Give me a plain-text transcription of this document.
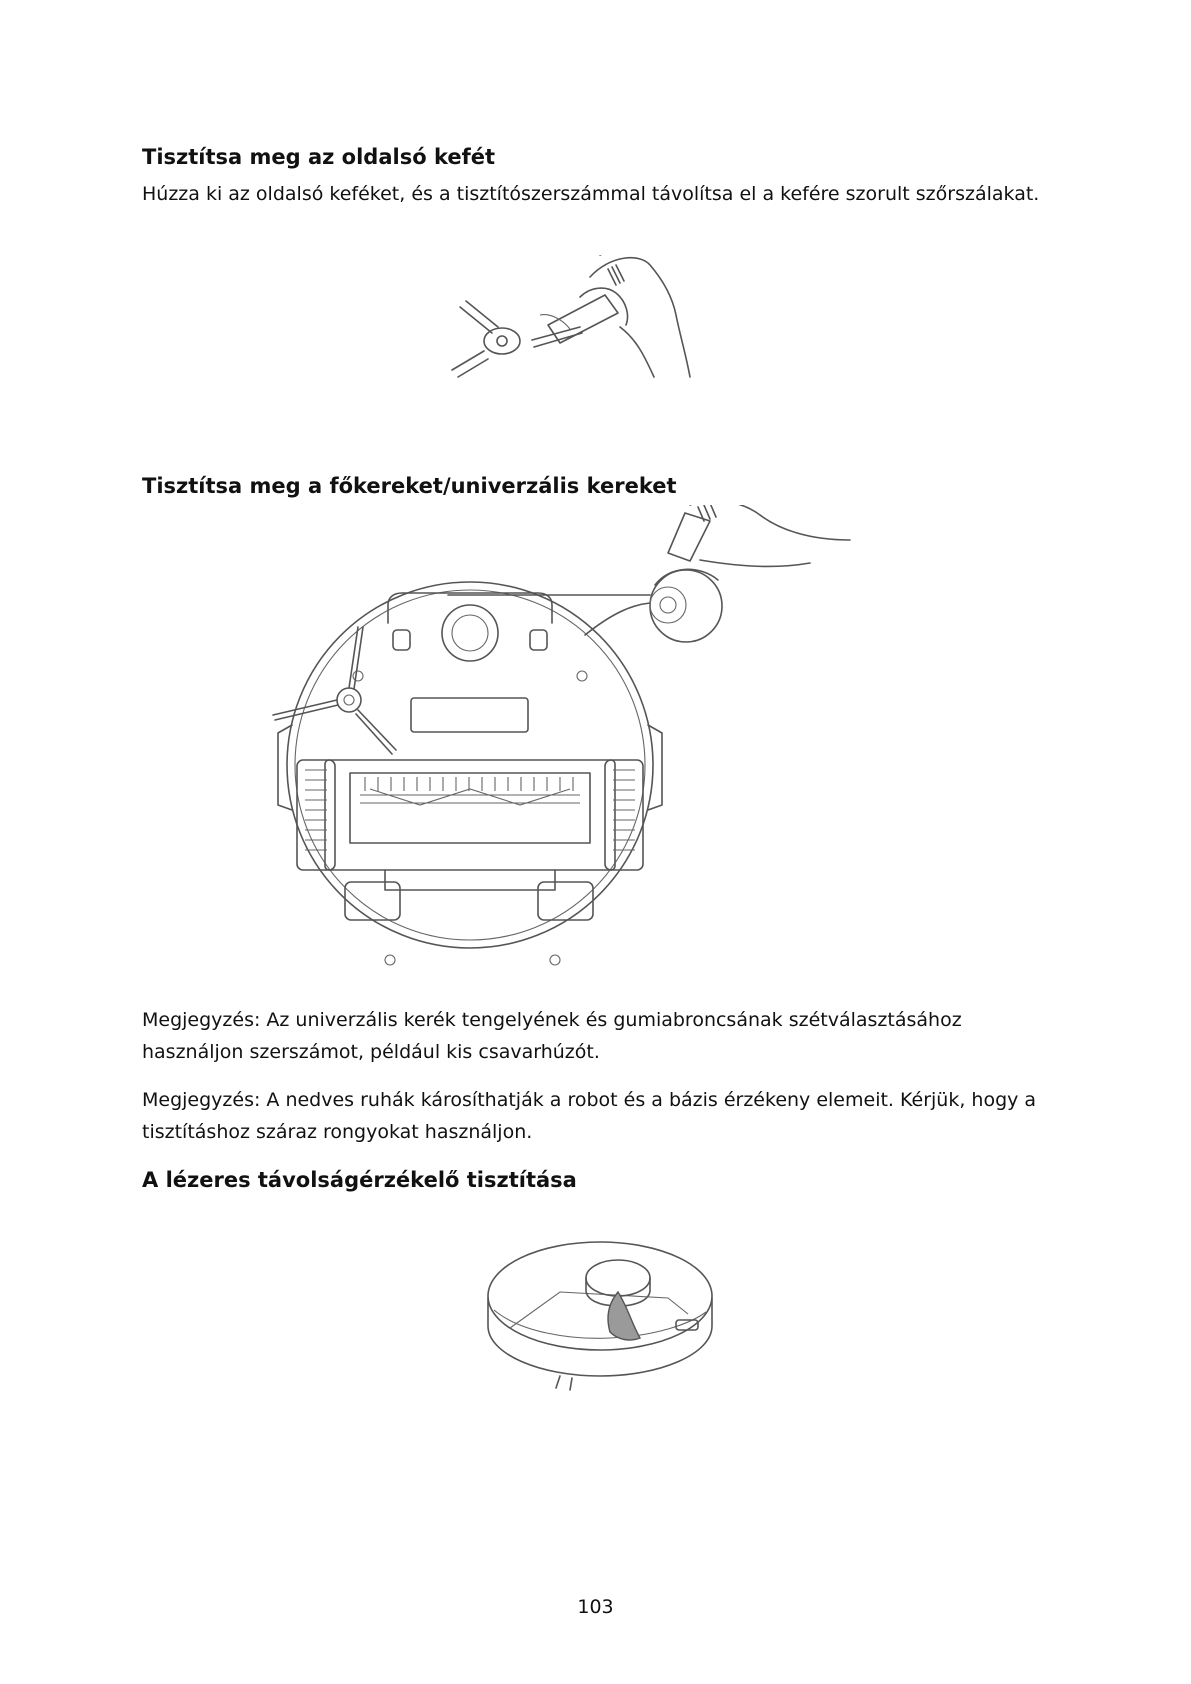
Tisztítsa meg az oldalsó kefét

Húzza ki az oldalsó keféket, és a tisztítószerszámmal távolítsa el a kefére szorult szőrszálakat.

Tisztítsa meg a főkereket/univerzális kereket

Megjegyzés: Az univerzális kerék tengelyének és gumiabroncsának szétválasztásához használjon szerszámot, például kis csavarhúzót.

Megjegyzés: A nedves ruhák károsíthatják a robot és a bázis érzékeny elemeit. Kérjük, hogy a tisztításhoz száraz rongyokat használjon.

A lézeres távolságérzékelő tisztítása
103
